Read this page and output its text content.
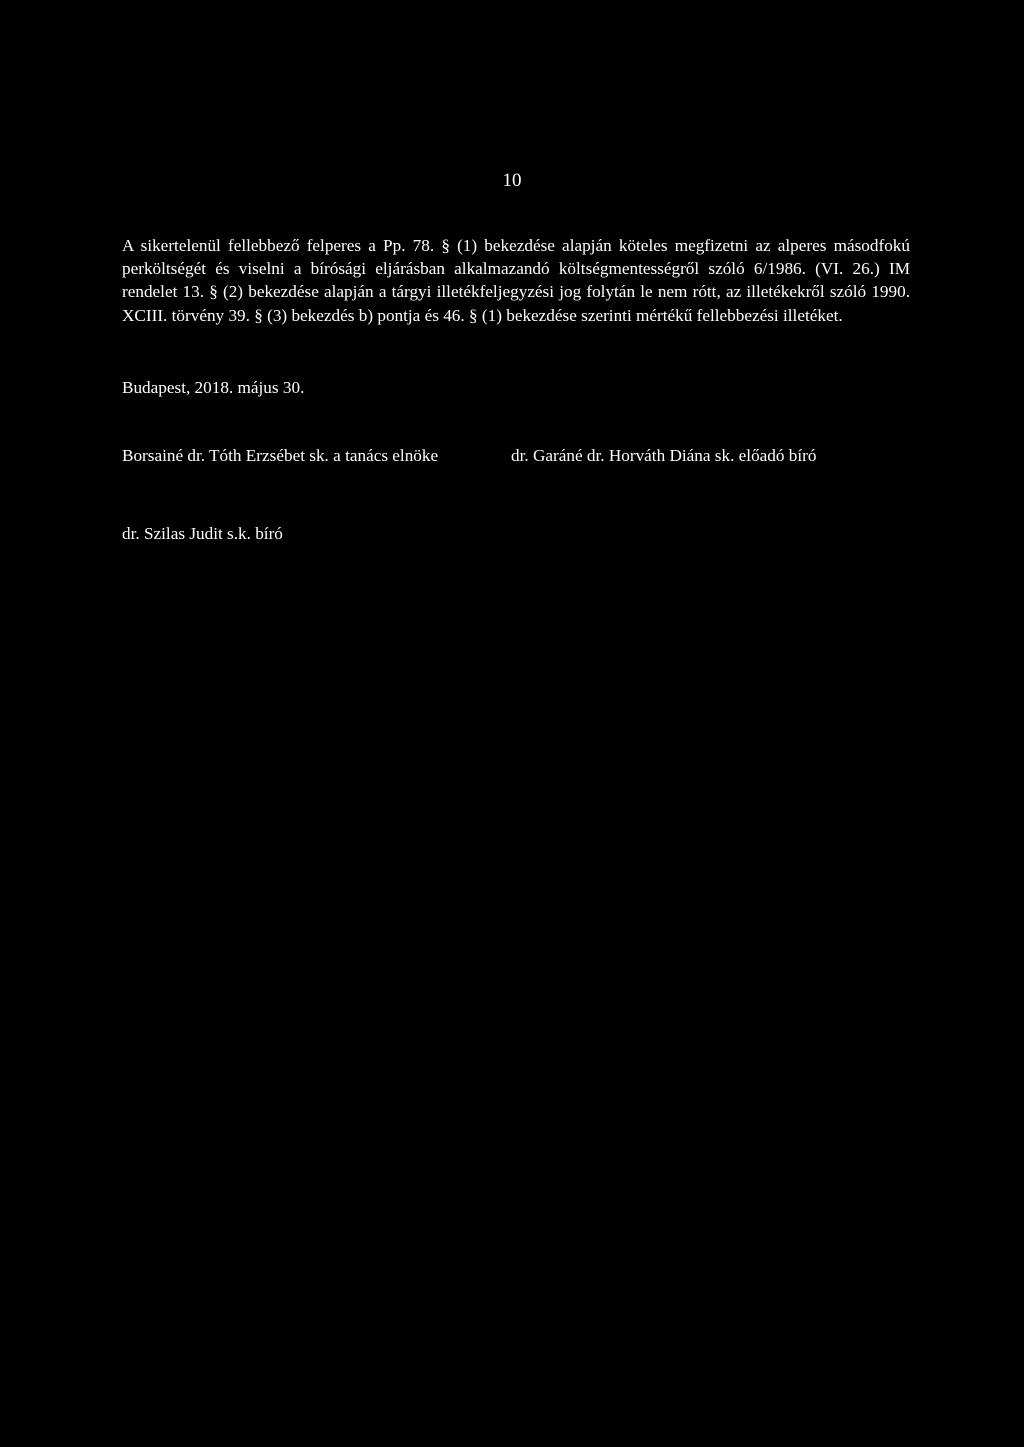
10

A sikertelenül fellebbező felperes a Pp. 78. § (1) bekezdése alapján köteles megfizetni az alperes másodfokú perköltségét és viselni a bírósági eljárásban alkalmazandó költségmentességről szóló 6/1986. (VI. 26.) IM rendelet 13. § (2) bekezdése alapján a tárgyi illetékfeljegyzési jog folytán le nem rótt, az illetékekről szóló 1990. XCIII. törvény 39. § (3) bekezdés b) pontja és 46. § (1) bekezdése szerinti mértékű fellebbezési illetéket.

Budapest, 2018. május 30.

Borsainé dr. Tóth Erzsébet sk. a tanács elnöke	dr. Garáné dr. Horváth Diána sk. előadó bíró

dr. Szilas Judit s.k. bíró
